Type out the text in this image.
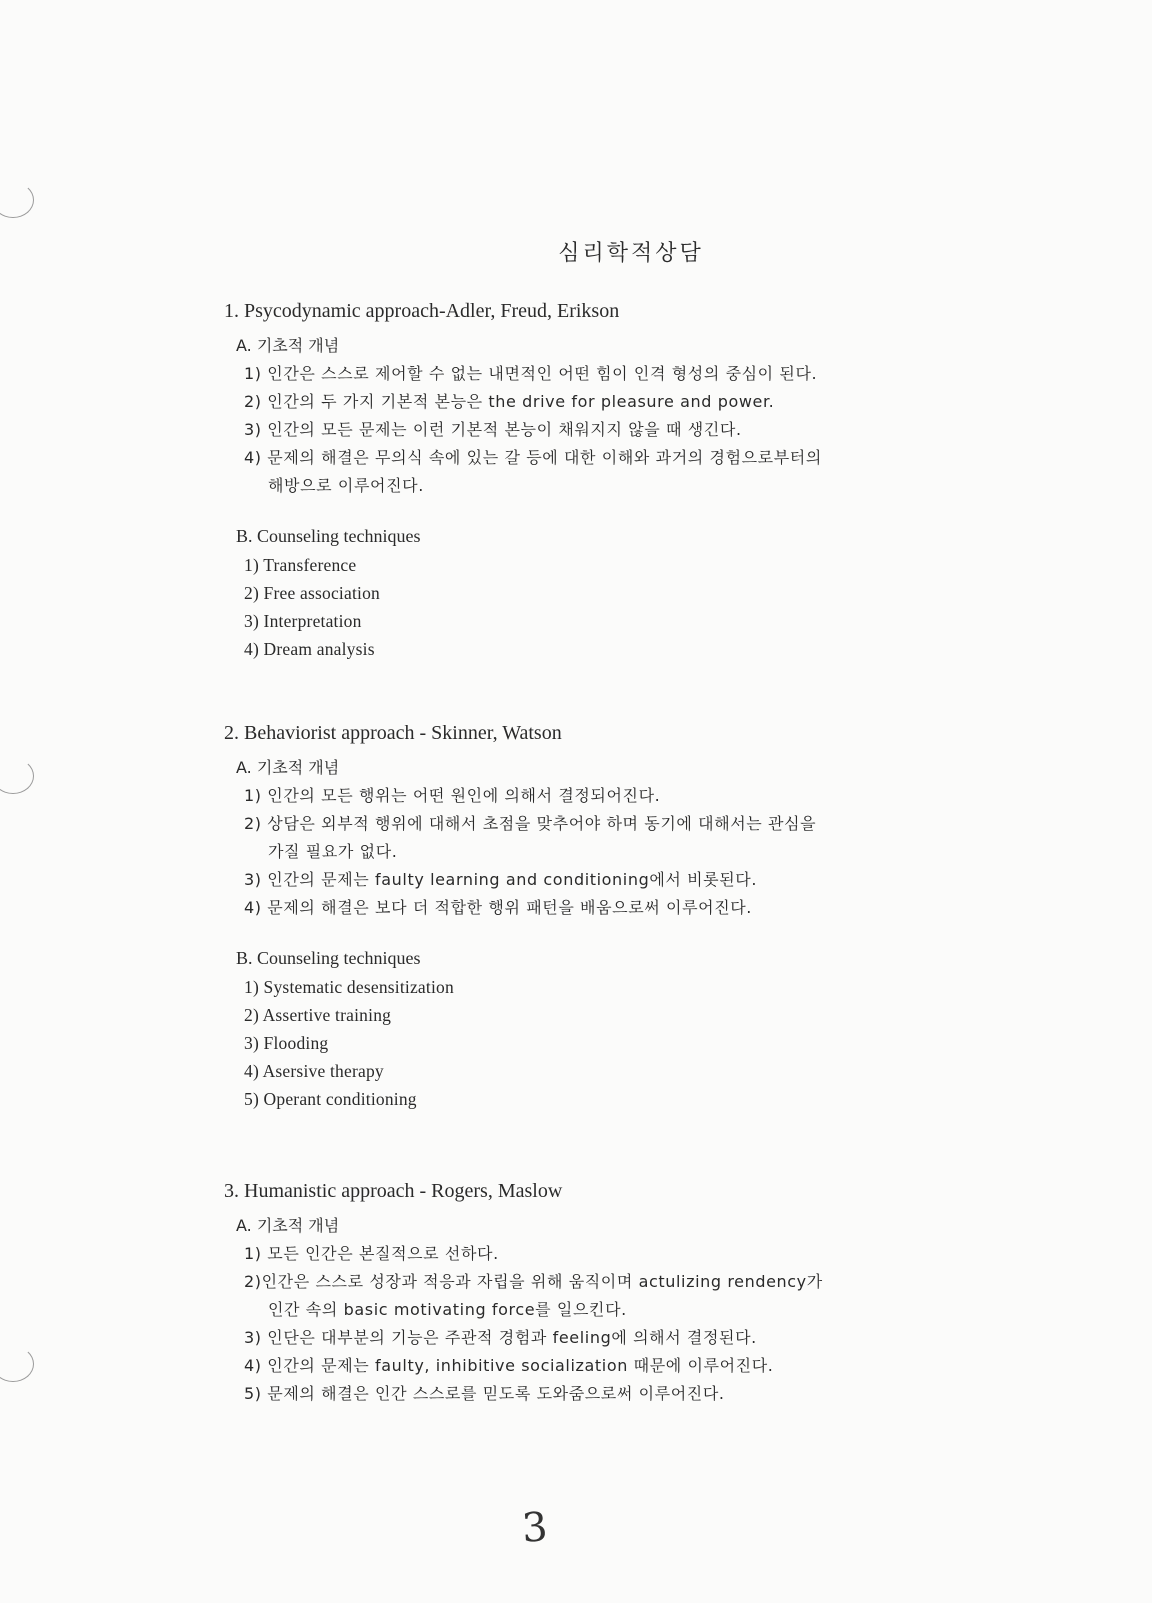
심리학적상담
1. Psycodynamic approach-Adler, Freud, Erikson
A. 기초적 개념
1) 인간은 스스로 제어할 수 없는 내면적인 어떤 힘이 인격 형성의 중심이 된다.
2) 인간의 두 가지 기본적 본능은 the drive for pleasure and power.
3) 인간의 모든 문제는 이런 기본적 본능이 채워지지 않을 때 생긴다.
4) 문제의 해결은 무의식 속에 있는 갈 등에 대한 이해와 과거의 경험으로부터의
해방으로 이루어진다.
B. Counseling techniques
1) Transference
2) Free association
3) Interpretation
4) Dream analysis
2. Behaviorist approach - Skinner, Watson
A. 기초적 개념
1) 인간의 모든 행위는 어떤 원인에 의해서 결정되어진다.
2) 상담은 외부적 행위에 대해서 초점을 맞추어야 하며 동기에 대해서는 관심을
가질 필요가 없다.
3) 인간의 문제는 faulty learning and conditioning에서 비롯된다.
4) 문제의 해결은 보다 더 적합한 행위 패턴을 배움으로써 이루어진다.
B. Counseling techniques
1) Systematic desensitization
2) Assertive training
3) Flooding
4) Asersive therapy
5) Operant conditioning
3. Humanistic approach - Rogers, Maslow
A. 기초적 개념
1) 모든 인간은 본질적으로 선하다.
2)인간은 스스로 성장과 적응과 자립을 위해 움직이며 actulizing rendency가
인간 속의 basic motivating force를 일으킨다.
3) 인단은 대부분의 기능은 주관적 경험과 feeling에 의해서 결정된다.
4) 인간의 문제는 faulty, inhibitive socialization 때문에 이루어진다.
5) 문제의 해결은 인간 스스로를 믿도록 도와줌으로써 이루어진다.
3
